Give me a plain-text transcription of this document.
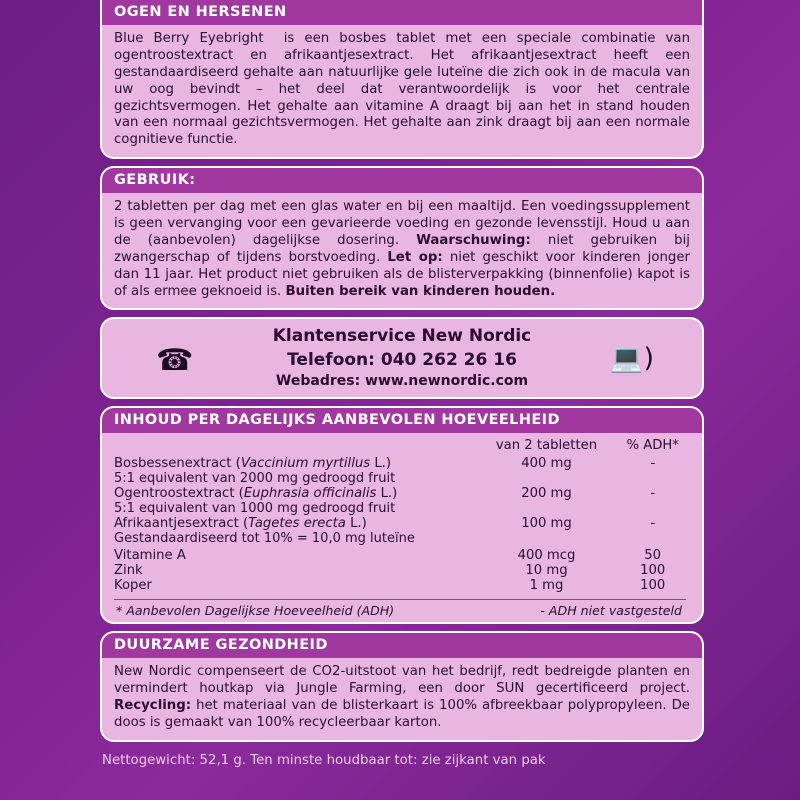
OGEN EN HERSENEN
Blue Berry Eyebright  is een bosbes tablet met een speciale combinatie van ogentroostextract en afrikaantjesextract. Het afrikaantjesextract heeft een gestandaardiseerd gehalte aan natuurlijke gele luteïne die zich ook in de macula van uw oog bevindt – het deel dat verantwoordelijk is voor het centrale gezichtsvermogen. Het gehalte aan vitamine A draagt bij aan het in stand houden van een normaal gezichtsvermogen. Het gehalte aan zink draagt bij aan een normale cognitieve functie.
GEBRUIK:
2 tabletten per dag met een glas water en bij een maaltijd. Een voedingssupplement is geen vervanging voor een gevarieerde voeding en gezonde levensstijl. Houd u aan de (aanbevolen) dagelijkse dosering. Waarschuwing: niet gebruiken bij zwangerschap of tijdens borstvoeding. Let op: niet geschikt voor kinderen jonger dan 11 jaar. Het product niet gebruiken als de blisterverpakking (binnenfolie) kapot is of als ermee geknoeid is. Buiten bereik van kinderen houden.
☎	💻)
Klantenservice New Nordic
Telefoon: 040 262 26 16
Webadres: www.newnordic.com
INHOUD PER DAGELIJKS AANBEVOLEN HOEVEELHEID
	van 2 tabletten	% ADH*
Bosbessenextract (Vaccinium myrtillus L.)	400 mg	-
5:1 equivalent van 2000 mg gedroogd fruit		
Ogentroostextract (Euphrasia officinalis L.)	200 mg	-
5:1 equivalent van 1000 mg gedroogd fruit		
Afrikaantjesextract (Tagetes erecta L.)	100 mg	-
Gestandaardiseerd tot 10% = 10,0 mg luteïne		
Vitamine A	400 mcg	50
Zink	10 mg	100
Koper	1 mg	100
* Aanbevolen Dagelijkse Hoeveelheid (ADH)	- ADH niet vastgesteld
DUURZAME GEZONDHEID
New Nordic compenseert de CO2-uitstoot van het bedrijf, redt bedreigde planten en vermindert houtkap via Jungle Farming, een door SUN gecertificeerd project. Recycling: het materiaal van de blisterkaart is 100% afbreekbaar polypropyleen. De doos is gemaakt van 100% recycleerbaar karton.
Nettogewicht: 52,1 g. Ten minste houdbaar tot: zie zijkant van pak
